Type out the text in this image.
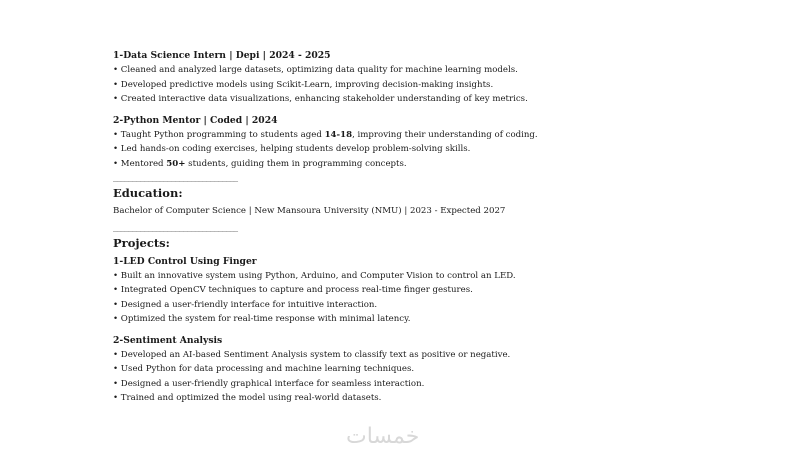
1-Data Science Intern | Depi | 2024 - 2025
• Cleaned and analyzed large datasets, optimizing data quality for machine learning models.
• Developed predictive models using Scikit-Learn, improving decision-making insights.
• Created interactive data visualizations, enhancing stakeholder understanding of key metrics.
2-Python Mentor | Coded | 2024
• Taught Python programming to students aged 14-18, improving their understanding of coding.
• Led hands-on coding exercises, helping students develop problem-solving skills.
• Mentored 50+ students, guiding them in programming concepts.
________________________________
Education:
Bachelor of Computer Science | New Mansoura University (NMU) | 2023 - Expected 2027
________________________________
Projects:
1-LED Control Using Finger
• Built an innovative system using Python, Arduino, and Computer Vision to control an LED.
• Integrated OpenCV techniques to capture and process real-time finger gestures.
• Designed a user-friendly interface for intuitive interaction.
• Optimized the system for real-time response with minimal latency.
2-Sentiment Analysis
• Developed an AI-based Sentiment Analysis system to classify text as positive or negative.
• Used Python for data processing and machine learning techniques.
• Designed a user-friendly graphical interface for seamless interaction.
• Trained and optimized the model using real-world datasets.
خمسات
